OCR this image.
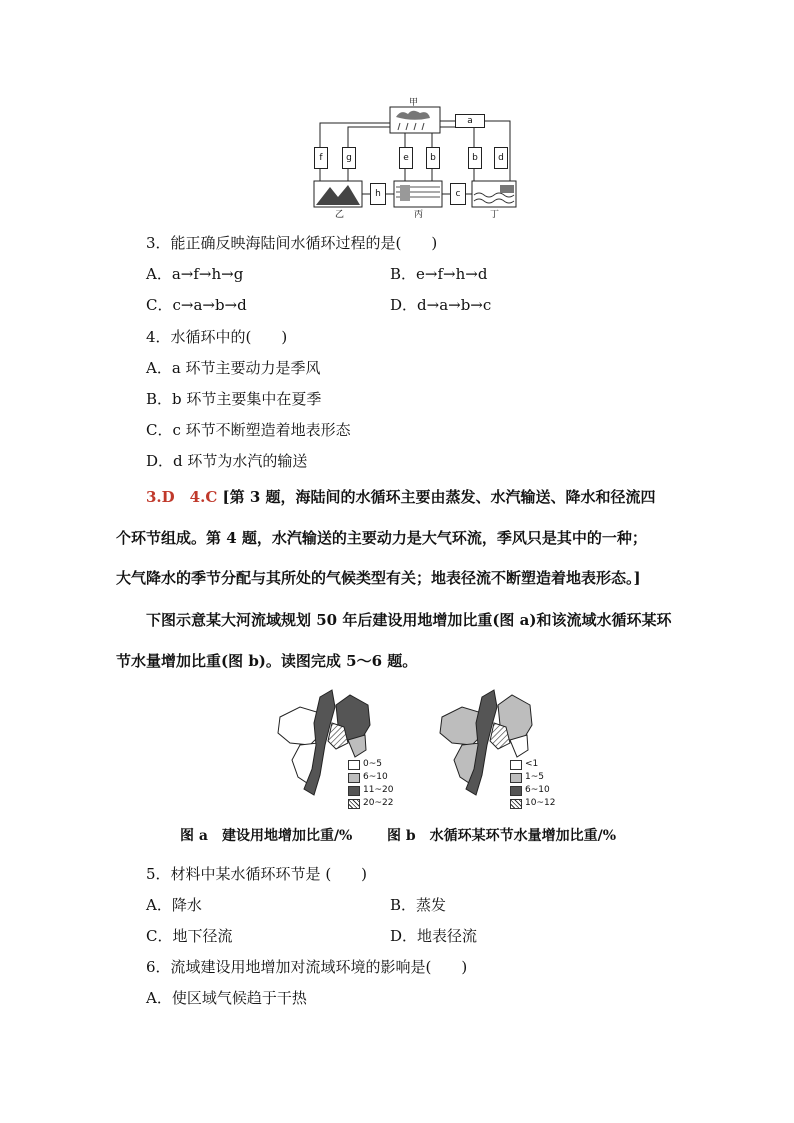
甲
乙	丙	丁
a
f	g	e	b	b	d
h	c
3．能正确反映海陆间水循环过程的是(　　)
A．a→f→h→g	B．e→f→h→d
C．c→a→b→d	D．d→a→b→c
4．水循环中的(　　)
A．a 环节主要动力是季风
B．b 环节主要集中在夏季
C．c 环节不断塑造着地表形态
D．d 环节为水汽的输送
3.D　4.C [第 3 题，海陆间的水循环主要由蒸发、水汽输送、降水和径流四
个环节组成。第 4 题，水汽输送的主要动力是大气环流，季风只是其中的一种；
大气降水的季节分配与其所处的气候类型有关；地表径流不断塑造着地表形态。]
下图示意某大河流域规划 50 年后建设用地增加比重(图 a)和该流域水循环某环
节水量增加比重(图 b)。读图完成 5～6 题。
0~5
6~10
11~20
20~22
<1
1~5
6~10
10~12
图 a　建设用地增加比重/% 图 b　水循环某环节水量增加比重/%
5．材料中某水循环环节是 (　　)
A．降水	B．蒸发
C．地下径流	D．地表径流
6．流域建设用地增加对流域环境的影响是(　　)
A．使区域气候趋于干热
